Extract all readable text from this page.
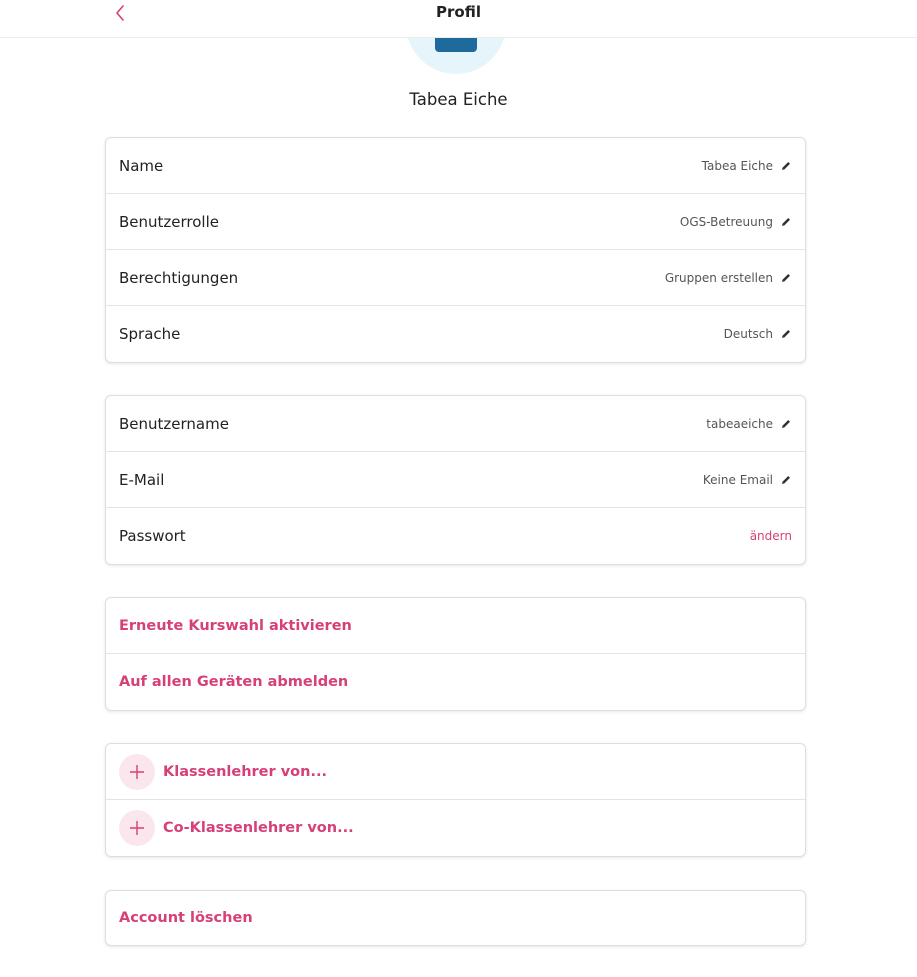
Profil
Tabea Eiche
Name	Tabea Eiche
Benutzerrolle	OGS-Betreuung
Berechtigungen	Gruppen erstellen
Sprache	Deutsch
Benutzername	tabeaeiche
E-Mail	Keine Email
Passwort	ändern
Erneute Kurswahl aktivieren
Auf allen Geräten abmelden
Klassenlehrer von...
Co-Klassenlehrer von...
Account löschen
